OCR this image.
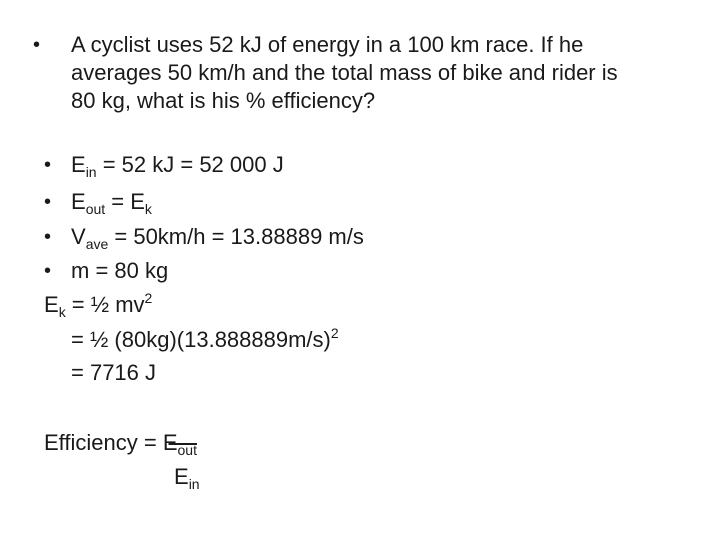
• A cyclist uses 52 kJ of energy in a 100 km race. If he
averages 50 km/h and the total mass of bike and rider is
80 kg, what is his % efficiency?
• $E_{in} = 52$ kJ = 52 000 J
• $E_{out} = E_k$
• $V_{ave} = 50km/h = 13.88889$ m/s
• m = 80 kg
$E_k$ = ½ $mv^2$
= ½ $(80kg)(13.888889m/s)^2$
= 7716 J
Efficiency = $E_{out}$
$E_{in}$
